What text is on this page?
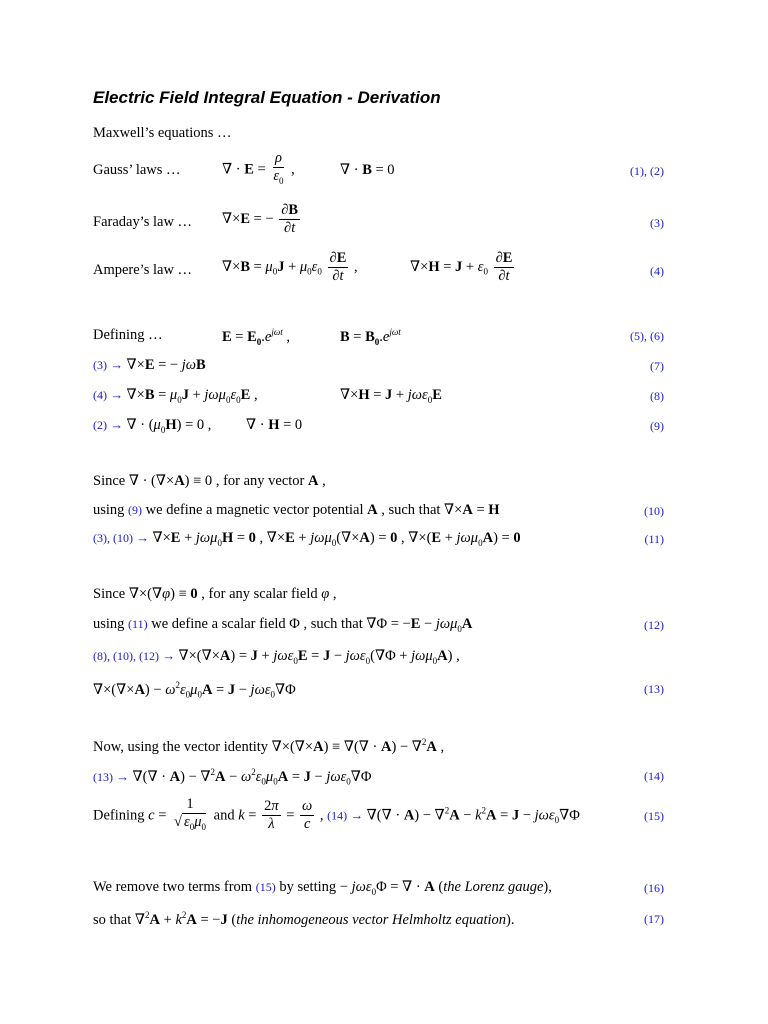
Electric Field Integral Equation - Derivation
Maxwell’s equations …
Gauss’ laws …	∇ · $E = \frac{\rho}{\varepsilon_0}$ ,	∇ · B = 0	(1), (2)
Faraday’s law … ∇×E = − $\frac{\partial B}{\partial t}$	(3)
Ampere’s law … $\nabla\times B = \mu_0J + \mu_0\varepsilon_0 \frac{\partial E}{\partial t}$ ,	$\nabla\times H = J + \varepsilon_0 \frac{\partial E}{\partial t}$	(4)
Defining …	$E = E_0.e^{j\omega t}$ ,	$B = B_0.e^{j\omega t}$	(5), (6)
(3) → ∇×E = − jωB	(7)
$(4) \to \nabla\times B = \mu_0J + j\omega\mu_0\varepsilon_0E$ ,	∇×H = J + jωε$_0$E	(8)
(2) → ∇ · $(\mu_0H) = 0$ , ∇ · H = 0	(9)
Since ∇ · (∇×A) ≡ 0 , for any vector A ,
using (9) we define a magnetic vector potential A , such that ∇×A = H	(10)
(3), (10) → ∇×E + jωμ$_0$H = 0 , ∇×E + jωμ$_0$(∇×A) = 0 , ∇×(E + jωμ$_0$A) = 0	(11)
Since ∇×(∇φ) ≡ 0 , for any scalar field φ ,
using (11) we define a scalar field Φ , such that ∇Φ = −E − jωμ$_0$A	(12)
(8), (10), (12) → ∇×(∇×A) = J + jωε$_0$E = J − jωε$_0$(∇Φ + jωμ$_0$A) ,
$\nabla\times(\nabla\times A) - \omega^2\varepsilon_0\mu_0A = J - j\omega\varepsilon_0\nabla\Phi$	(13)
Now, using the vector identity ∇×(∇×A) ≡ ∇(∇ · A) − ∇$^2$A ,
(13) → ∇(∇ · $A) - \nabla^2A - \omega^2\varepsilon_0\mu_0A = J - j\omega\varepsilon_0\nabla\Phi$	(14)
Defining $c = \frac{1}{√ \varepsilon_0\mu_0}$ and $k = \frac{2\pi}{\lambda} = \frac{\omega}{c}$ , (14) → ∇(∇ · $A) - \nabla^2A - k^2A = J - j\omega\varepsilon_0\nabla\Phi$	(15)
We remove two terms from (15) by setting − jωε$_0$Φ = ∇ · A (the Lorenz gauge),	(16)
so that $\nabla^2A + k^2A = -J$ (the inhomogeneous vector Helmholtz equation).	(17)
